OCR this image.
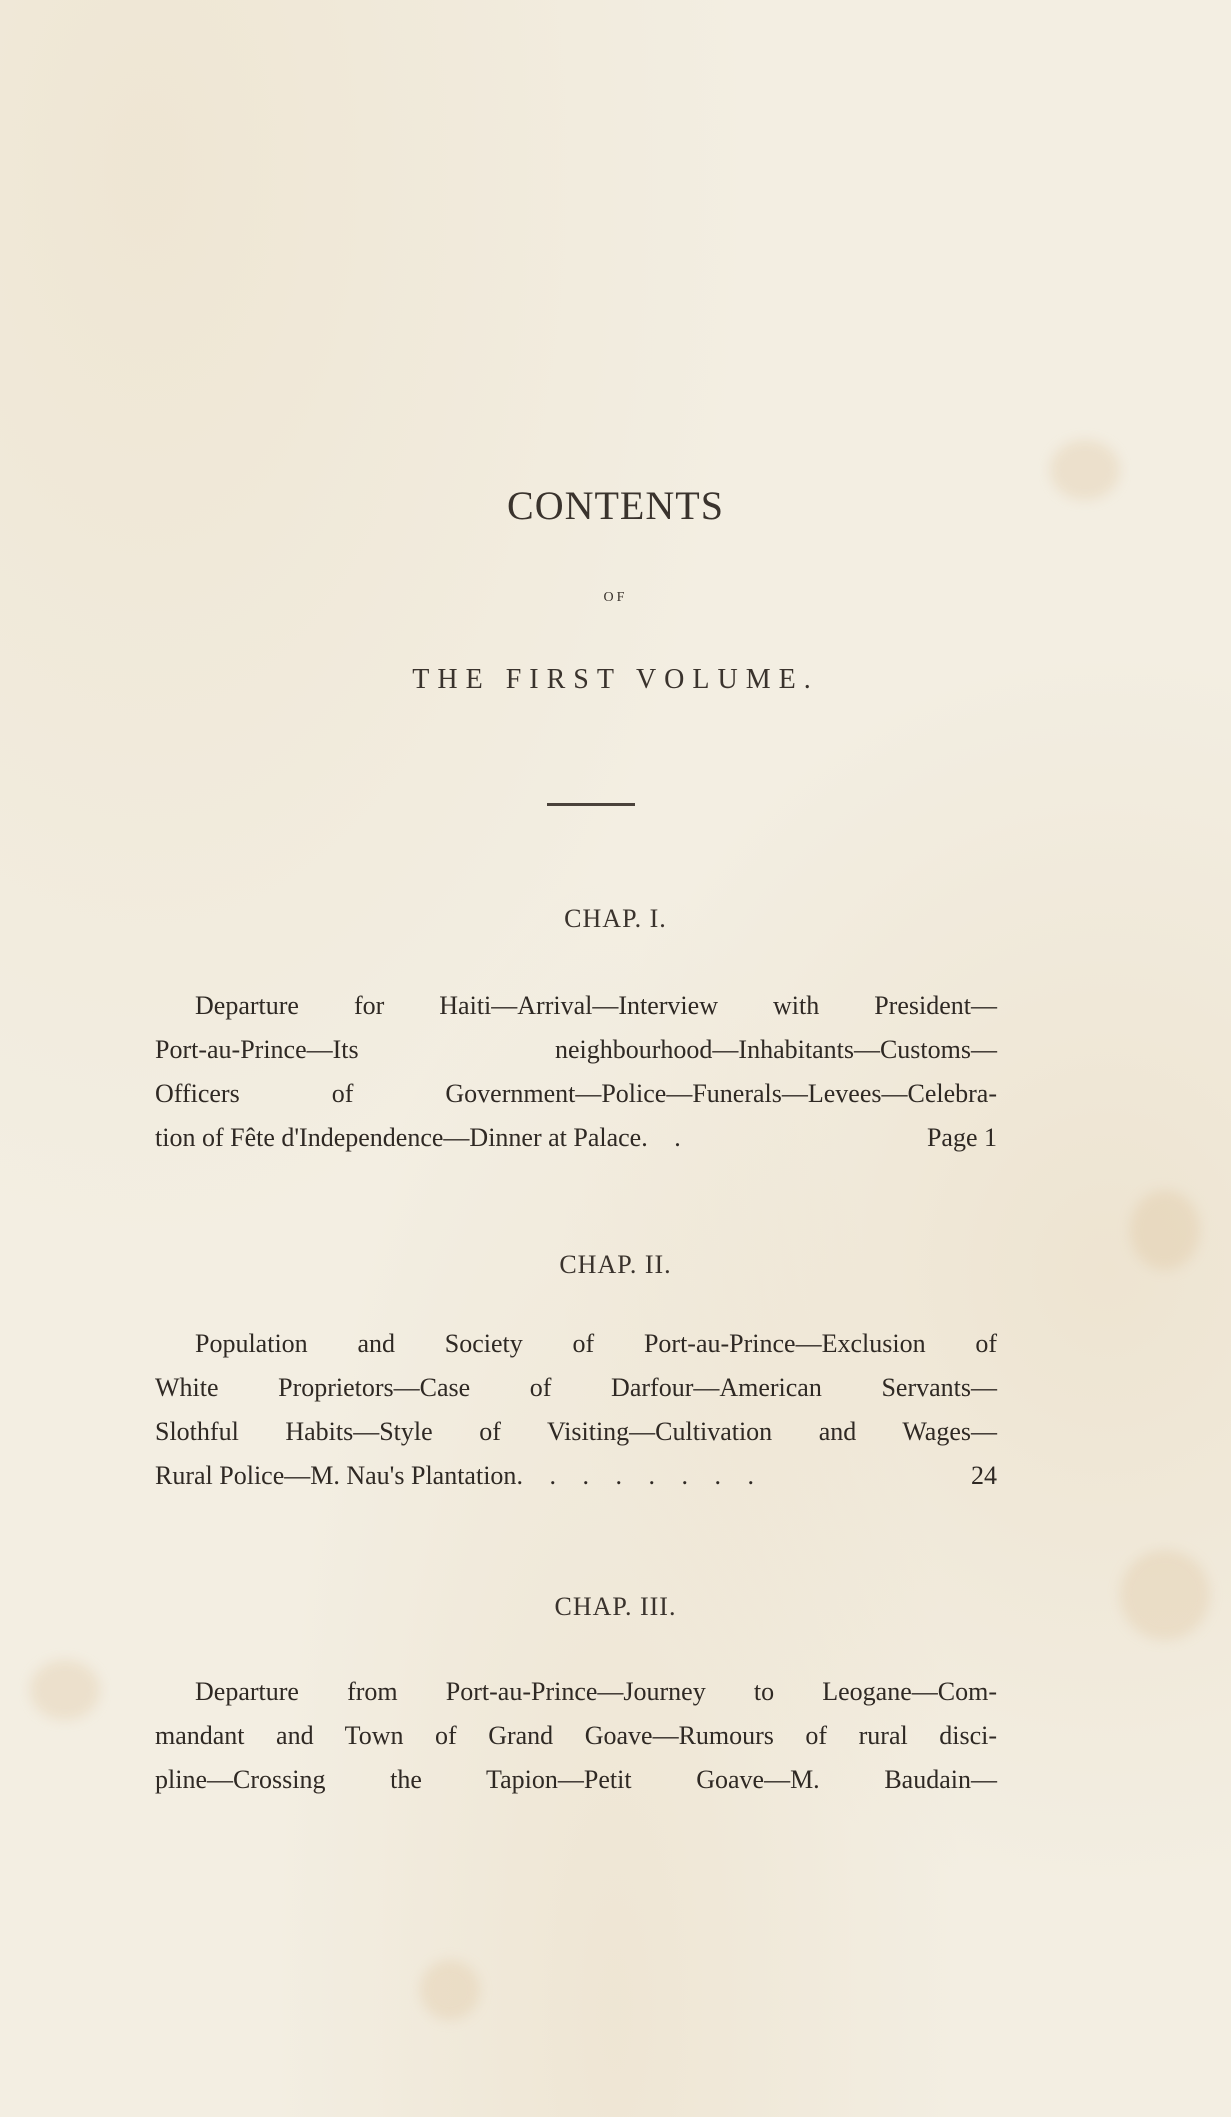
CONTENTS
OF
THE FIRST VOLUME.
CHAP. I.
Departure for Haiti—Arrival—Interview with President—
Port-au-Prince—Its neighbourhood—Inhabitants—Customs—
Officers of Government—Police—Funerals—Levees—Celebra-
tion of Fête d'Independence—Dinner at Palace . .	Page 1
CHAP. II.
Population and Society of Port-au-Prince—Exclusion of
White Proprietors—Case of Darfour—American Servants—
Slothful Habits—Style of Visiting—Cultivation and Wages—
Rural Police—M. Nau's Plantation . . . . . . . .	24
CHAP. III.
Departure from Port-au-Prince—Journey to Leogane—Com-
mandant and Town of Grand Goave—Rumours of rural disci-
pline—Crossing the Tapion—Petit Goave—M. Baudain—
